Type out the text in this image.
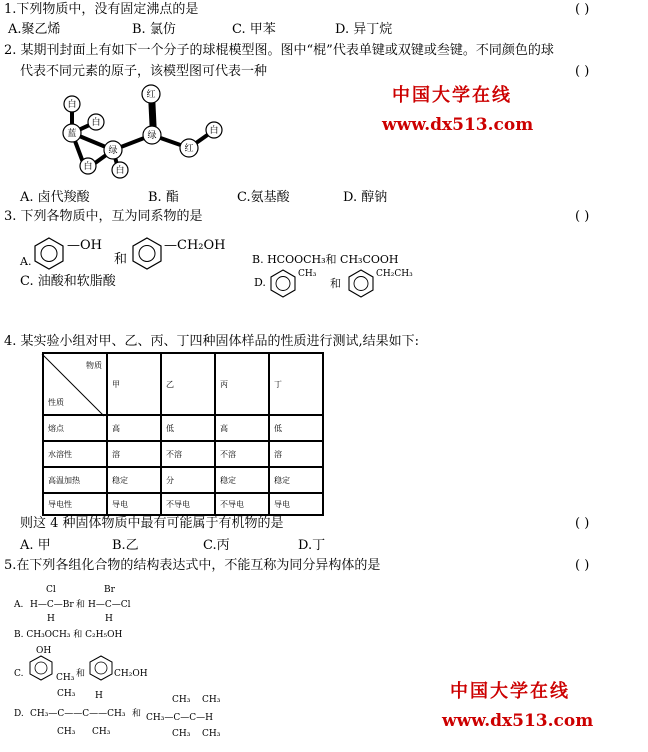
1.下列物质中，没有固定沸点的是	( )
A.聚乙烯	B. 氯仿	C. 甲苯	D. 异丁烷
2. 某期刊封面上有如下一个分子的球棍模型图。图中“棍”代表单键或双键或叁键。不同颜色的球
代表不同元素的原子，该模型图可代表一种	( )
白
白
蓝
白
绿
白
红
绿
红
白
A. 卤代羧酸	B. 酯	C.氨基酸	D. 醇钠
中国大学在线
www.dx513.com
3. 下列各物质中，互为同系物的是	( )
A.
—OH
和
—CH₂OH
B. HCOOCH₃和 CH₃COOH
C. 油酸和软脂酸	D.
CH₃
和
CH₂CH₃
4. 某实验小组对甲、乙、丙、丁四种固体样品的性质进行测试,结果如下:
物质
性质	甲	乙	丙	丁
熔点	高	低	高	低
水溶性	溶	不溶	不溶	溶
高温加热	稳定	分	稳定	稳定
导电性	导电	不导电	不导电	导电
则这 4 种固体物质中最有可能属于有机物的是	( )
A. 甲	B.乙	C.丙	D.丁
5.在下列各组化合物的结构表达式中，不能互称为同分异构体的是	( )
A.
Cl
H—C—Br
H
和
Br
H—C—Cl
H
B. CH₃OCH₃ 和 C₂H₅OH
OH
C.	CH₃ 和	CH₂OH
D.
CH₃ H
CH₃—C——C——CH₃
CH₃ CH₃
和
CH₃ CH₃
CH₃—C—C—H
CH₃ CH₃
中国大学在线
www.dx513.com
